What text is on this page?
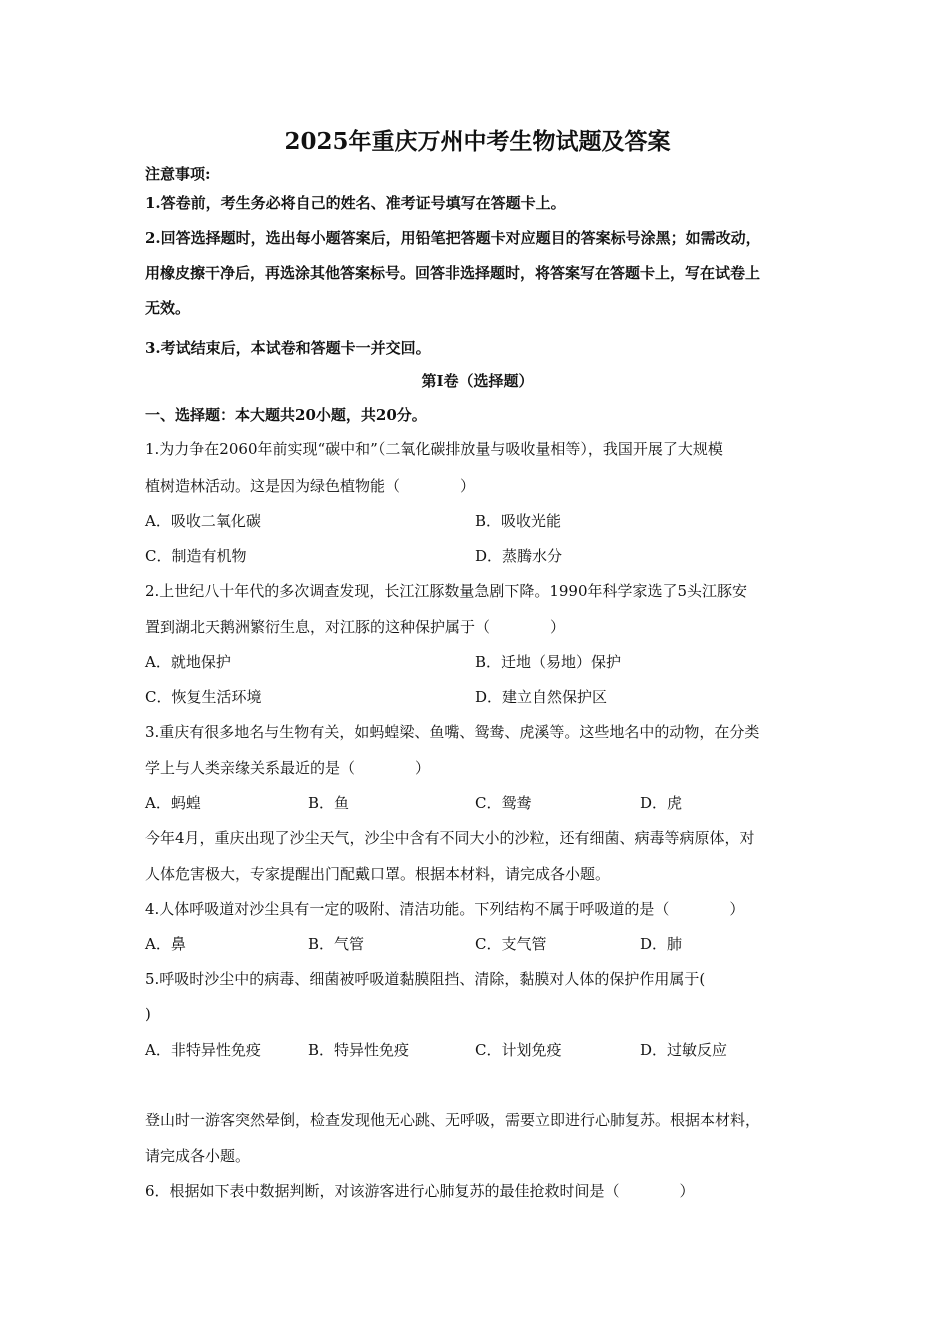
2025年重庆万州中考生物试题及答案
注意事项:
1.答卷前，考生务必将自己的姓名、准考证号填写在答题卡上。
2.回答选择题时，选出每小题答案后，用铅笔把答题卡对应题目的答案标号涂黑；如需改动，
用橡皮擦干净后，再选涂其他答案标号。回答非选择题时，将答案写在答题卡上，写在试卷上
无效。
3.考试结束后，本试卷和答题卡一并交回。
第Ⅰ卷（选择题）
一、选择题：本大题共20小题，共20分。
1.为力争在2060年前实现“碳中和”（二氧化碳排放量与吸收量相等），我国开展了大规模
植树造林活动。这是因为绿色植物能（　　　　）
A．吸收二氧化碳	B．吸收光能
C．制造有机物	D．蒸腾水分
2.上世纪八十年代的多次调查发现，长江江豚数量急剧下降。1990年科学家选了5头江豚安
置到湖北天鹅洲繁衍生息，对江豚的这种保护属于（　　　　）
A．就地保护	B．迁地（易地）保护
C．恢复生活环境	D．建立自然保护区
3.重庆有很多地名与生物有关，如蚂蝗梁、鱼嘴、鸳鸯、虎溪等。这些地名中的动物，在分类
学上与人类亲缘关系最近的是（　　　　）
A．蚂蝗	B．鱼	C．鸳鸯	D．虎
今年4月，重庆出现了沙尘天气，沙尘中含有不同大小的沙粒，还有细菌、病毒等病原体，对
人体危害极大，专家提醒出门配戴口罩。根据本材料，请完成各小题。
4.人体呼吸道对沙尘具有一定的吸附、清洁功能。下列结构不属于呼吸道的是（　　　　）
A．鼻	B．气管	C．支气管	D．肺
5.呼吸时沙尘中的病毒、细菌被呼吸道黏膜阻挡、清除，黏膜对人体的保护作用属于(
)
A．非特异性免疫	B．特异性免疫	C．计划免疫	D．过敏反应
登山时一游客突然晕倒，检查发现他无心跳、无呼吸，需要立即进行心肺复苏。根据本材料，
请完成各小题。
6．根据如下表中数据判断，对该游客进行心肺复苏的最佳抢救时间是（　　　　）
